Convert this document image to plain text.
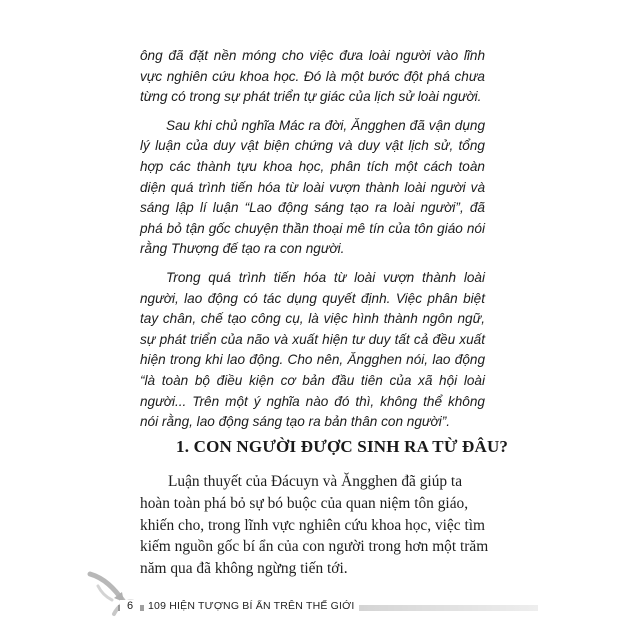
ông đã đặt nền móng cho việc đưa loài người vào lĩnh vực nghiên cứu khoa học. Đó là một bước đột phá chưa từng có trong sự phát triển tự giác của lịch sử loài người.

Sau khi chủ nghĩa Mác ra đời, Ăngghen đã vận dụng lý luận của duy vật biện chứng và duy vật lịch sử, tổng hợp các thành tựu khoa học, phân tích một cách toàn diện quá trình tiến hóa từ loài vượn thành loài người và sáng lập lí luận “Lao động sáng tạo ra loài người”, đã phá bỏ tận gốc chuyện thần thoại mê tín của tôn giáo nói rằng Thượng đế tạo ra con người.

Trong quá trình tiến hóa từ loài vượn thành loài người, lao động có tác dụng quyết định. Việc phân biệt tay chân, chế tạo công cụ, là việc hình thành ngôn ngữ, sự phát triển của não và xuất hiện tư duy tất cả đều xuất hiện trong khi lao động. Cho nên, Ăngghen nói, lao động “là toàn bộ điều kiện cơ bản đầu tiên của xã hội loài người... Trên một ý nghĩa nào đó thì, không thể không nói rằng, lao động sáng tạo ra bản thân con người”.

1. CON NGƯỜI ĐƯỢC SINH RA TỪ ĐÂU?

Luận thuyết của Đácuyn và Ăngghen đã giúp ta hoàn toàn phá bỏ sự bó buộc của quan niệm tôn giáo, khiến cho, trong lĩnh vực nghiên cứu khoa học, việc tìm kiếm nguồn gốc bí ẩn của con người trong hơn một trăm năm qua đã không ngừng tiến tới.

6	109 HIỆN TƯỢNG BÍ ẨN TRÊN THẾ GIỚI
